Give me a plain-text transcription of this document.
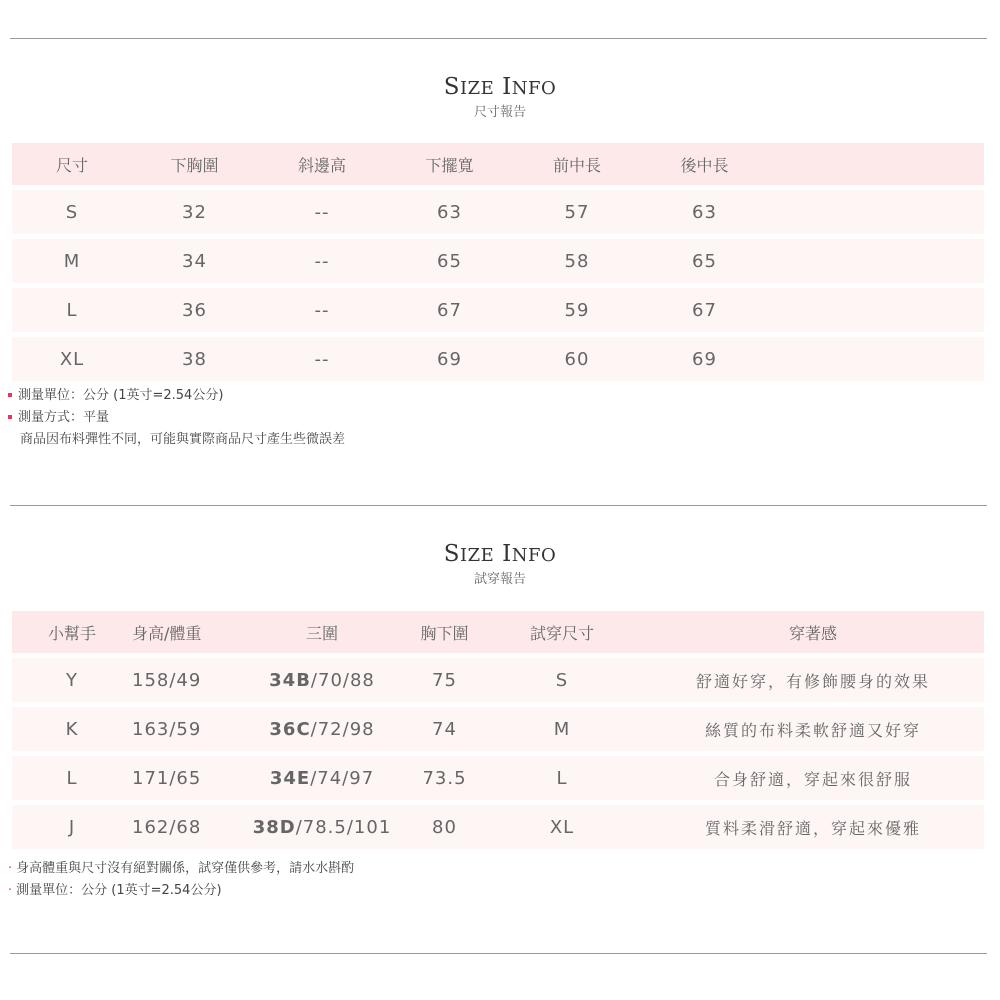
SIZE INFO
尺寸報告
尺寸	下胸圍	斜邊高	下擺寬	前中長	後中長	

S	32	--	63	57	63	

M	34	--	65	58	65	

L	36	--	67	59	67	

XL	38	--	69	60	69	
測量單位：公分 (1英寸=2.54公分)
測量方式：平量
商品因布料彈性不同，可能與實際商品尺寸產生些微誤差
SIZE INFO
試穿報告
小幫手	身高/體重	三圍	胸下圍	試穿尺寸	穿著感

Y	158/49	34B/70/88	75	S	舒適好穿，有修飾腰身的效果

K	163/59	36C/72/98	74	M	絲質的布料柔軟舒適又好穿

L	171/65	34E/74/97	73.5	L	合身舒適，穿起來很舒服

J	162/68	38D/78.5/101	80	XL	質料柔滑舒適，穿起來優雅
· 身高體重與尺寸沒有絕對關係，試穿僅供參考，請水水斟酌
· 測量單位：公分 (1英寸=2.54公分)
